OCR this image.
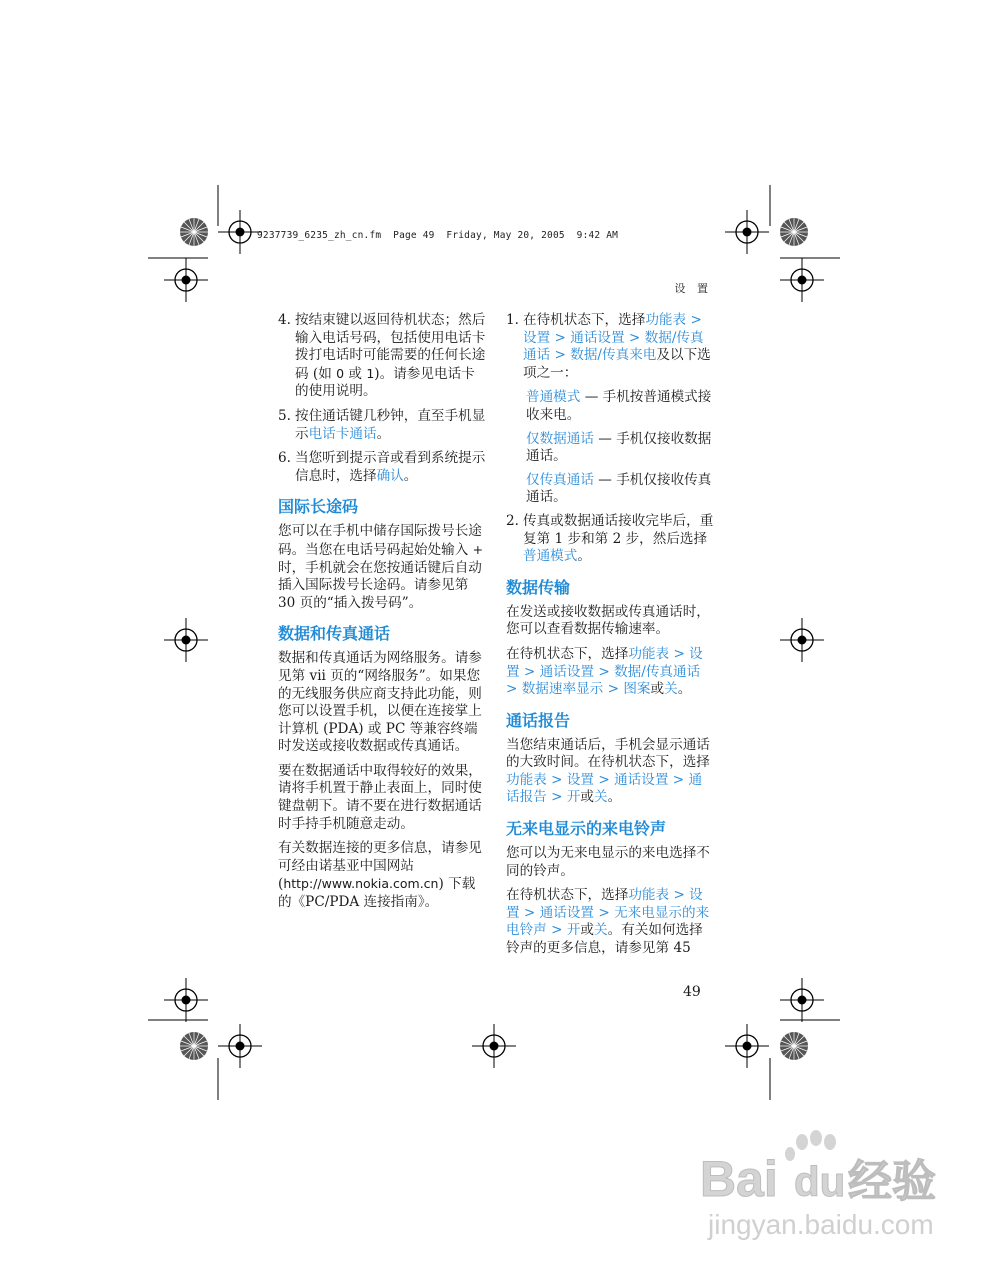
9237739_6235_zh_cn.fm  Page 49  Friday, May 20, 2005  9:42 AM
设 置
4. 按结束键以返回待机状态；然后输入电话号码，包括使用电话卡拨打电话时可能需要的任何长途码 (如 0 或 1)。请参见电话卡的使用说明。
5. 按住通话键几秒钟，直至手机显示电话卡通话。
6. 当您听到提示音或看到系统提示信息时，选择确认。
国际长途码

您可以在手机中储存国际拨号长途码。当您在电话号码起始处输入 + 时，手机就会在您按通话键后自动插入国际拨号长途码。请参见第 30 页的“插入拨号码”。

数据和传真通话

数据和传真通话为网络服务。请参见第 vii 页的“网络服务”。如果您的无线服务供应商支持此功能，则您可以设置手机，以便在连接掌上计算机 (PDA) 或 PC 等兼容终端时发送或接收数据或传真通话。

要在数据通话中取得较好的效果，请将手机置于静止表面上，同时使键盘朝下。请不要在进行数据通话时手持手机随意走动。

有关数据连接的更多信息，请参见可经由诺基亚中国网站 (http://www.nokia.com.cn) 下载的《PC/PDA 连接指南》。

1. 在待机状态下，选择功能表 > 设置 > 通话设置 > 数据/传真通话 > 数据/传真来电及以下选项之一：

普通模式 — 手机按普通模式接收来电。

仅数据通话 — 手机仅接收数据通话。

仅传真通话 — 手机仅接收传真通话。

2. 传真或数据通话接收完毕后，重复第 1 步和第 2 步，然后选择普通模式。
数据传输

在发送或接收数据或传真通话时，您可以查看数据传输速率。

在待机状态下，选择功能表 > 设置 > 通话设置 > 数据/传真通话 > 数据速率显示 > 图案或关。

通话报告

当您结束通话后，手机会显示通话的大致时间。在待机状态下，选择功能表 > 设置 > 通话设置 > 通话报告 > 开或关。

无来电显示的来电铃声

您可以为无来电显示的来电选择不同的铃声。

在待机状态下，选择功能表 > 设置 > 通话设置 > 无来电显示的来电铃声 > 开或关。有关如何选择铃声的更多信息，请参见第 45

49
Bai du 经验
jingyan.baidu.com
